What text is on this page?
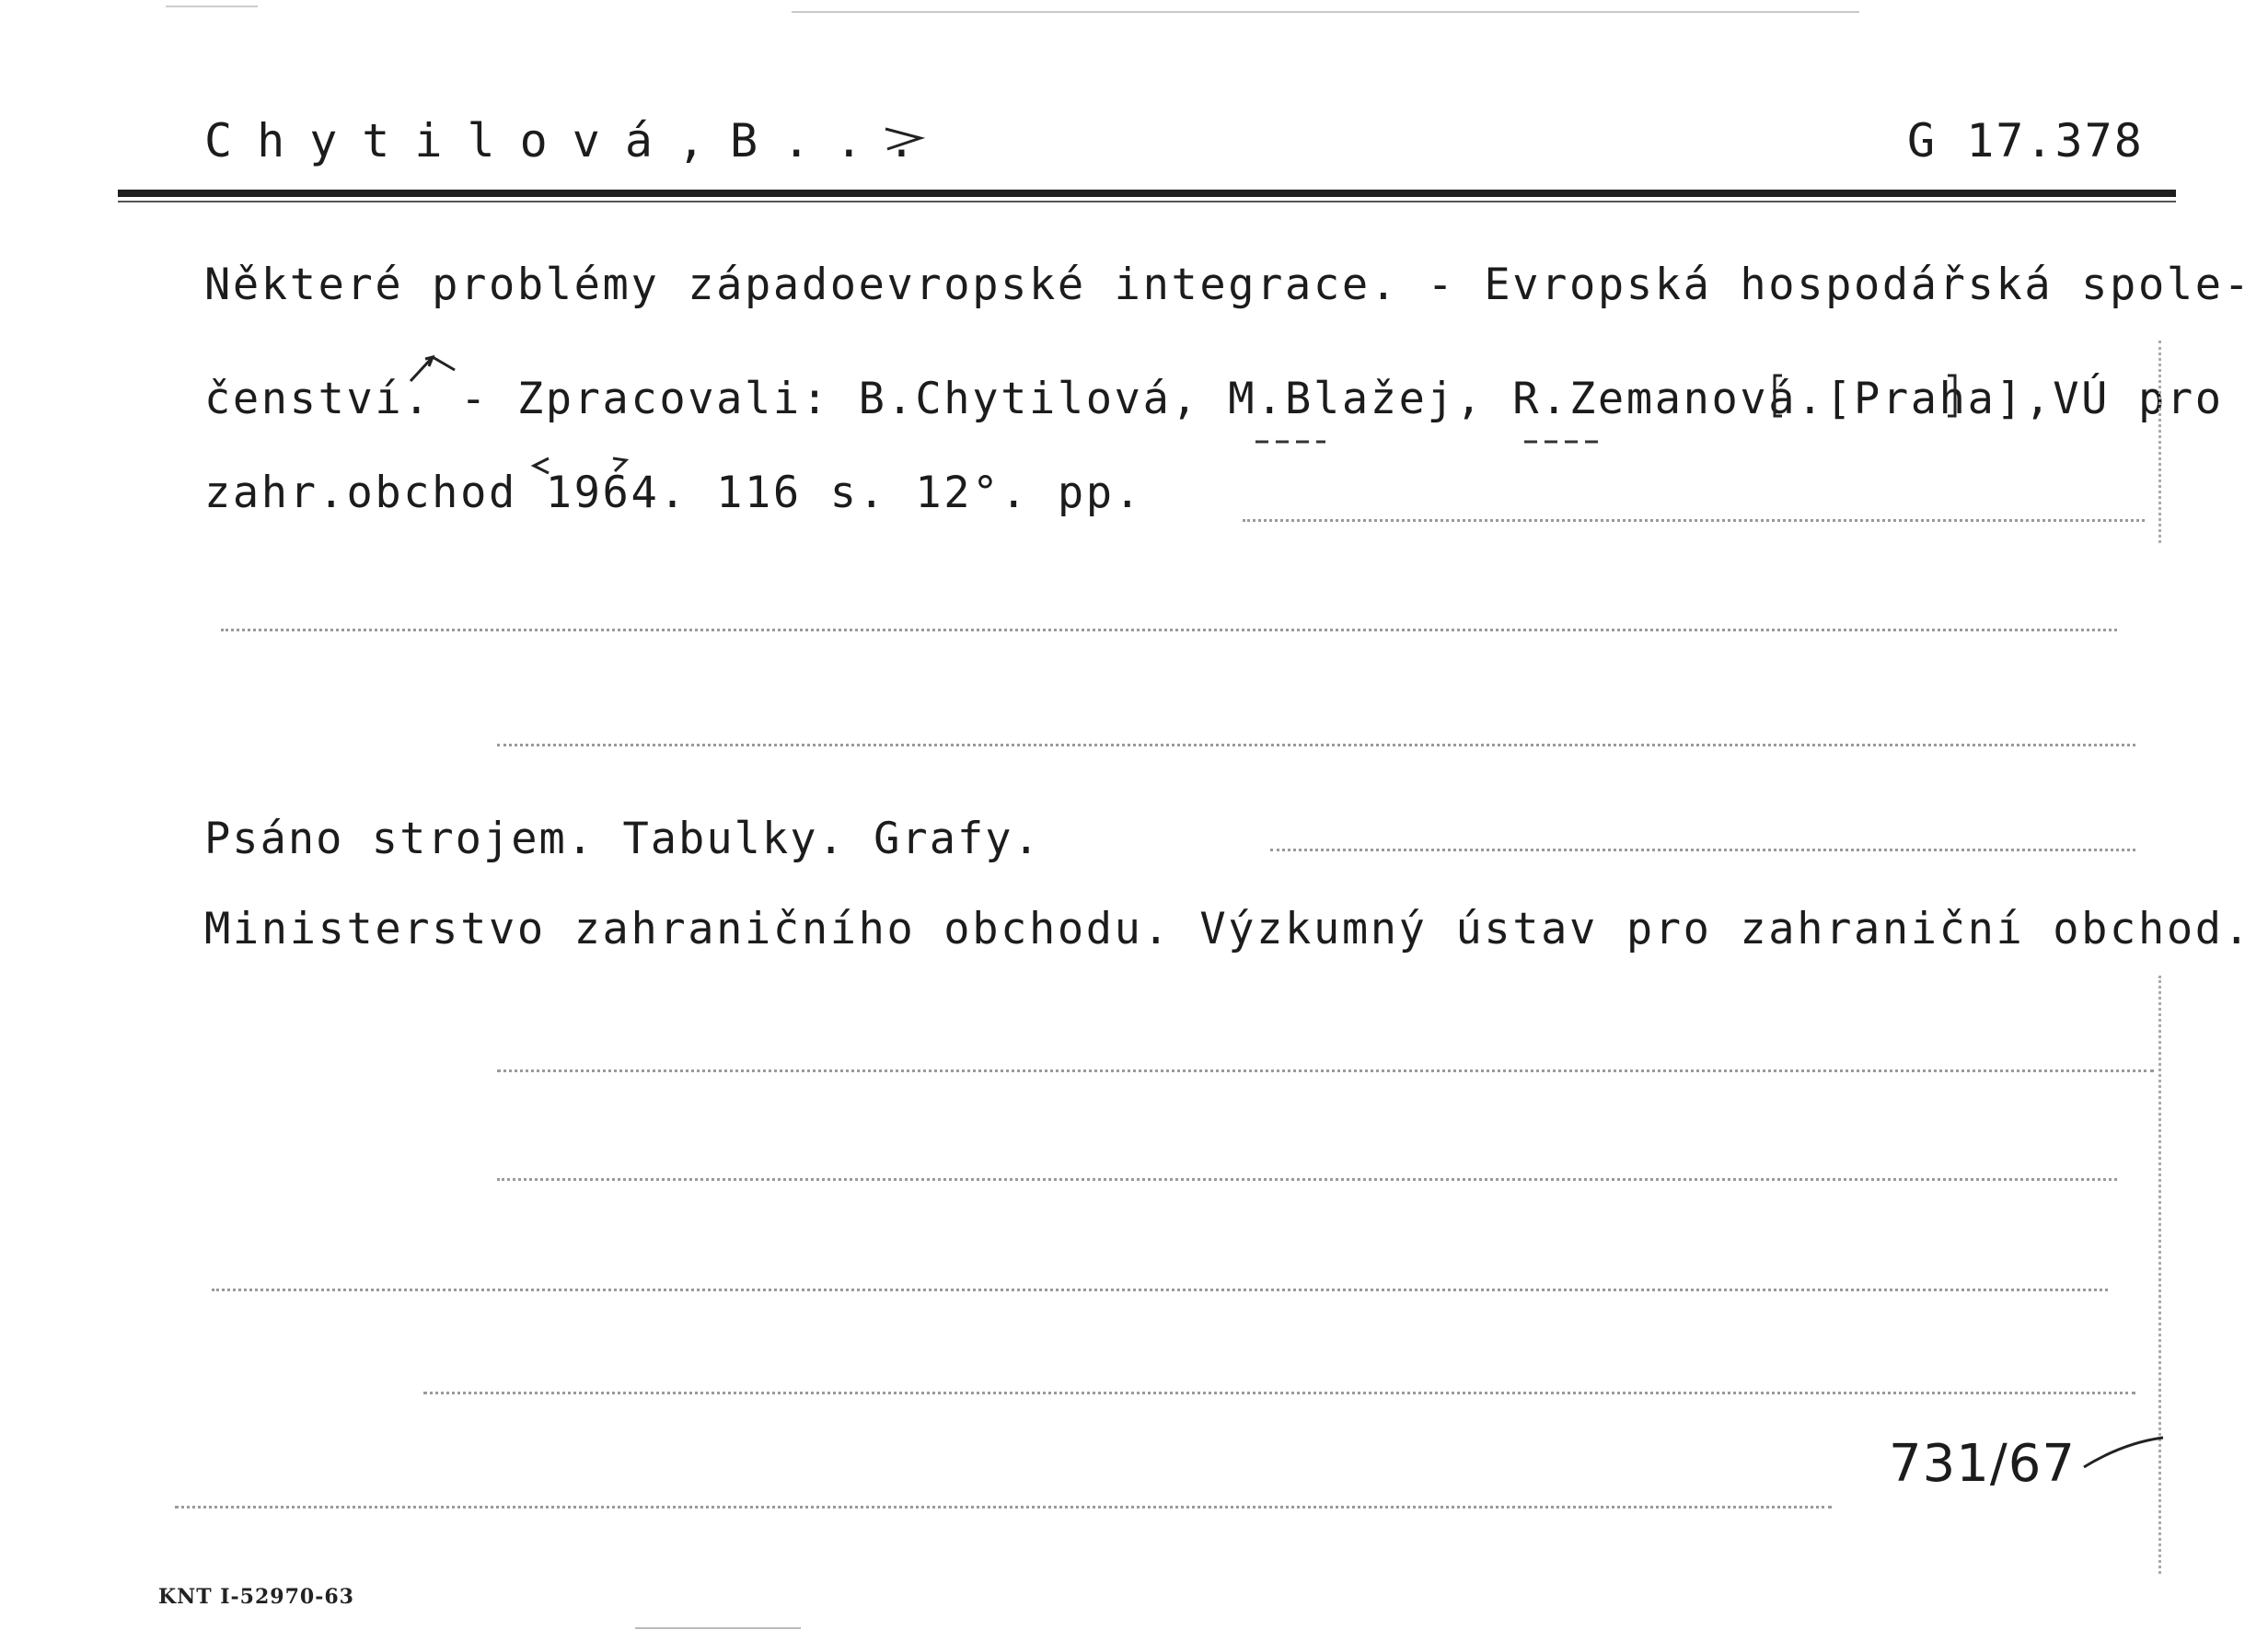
Chytilová,B...	G 17.378
Některé problémy západoevropské integrace. - Evropská hospodářská spole-
čenství. - Zpracovali: B.Chytilová, M.Blažej, R.Zemanová.[Praha],VÚ pro
zahr.obchod 1964. 116 s. 12°. pp.
Psáno strojem. Tabulky. Grafy.
Ministerstvo zahraničního obchodu. Výzkumný ústav pro zahraniční obchod.
731/67
KNT I-52970-63
